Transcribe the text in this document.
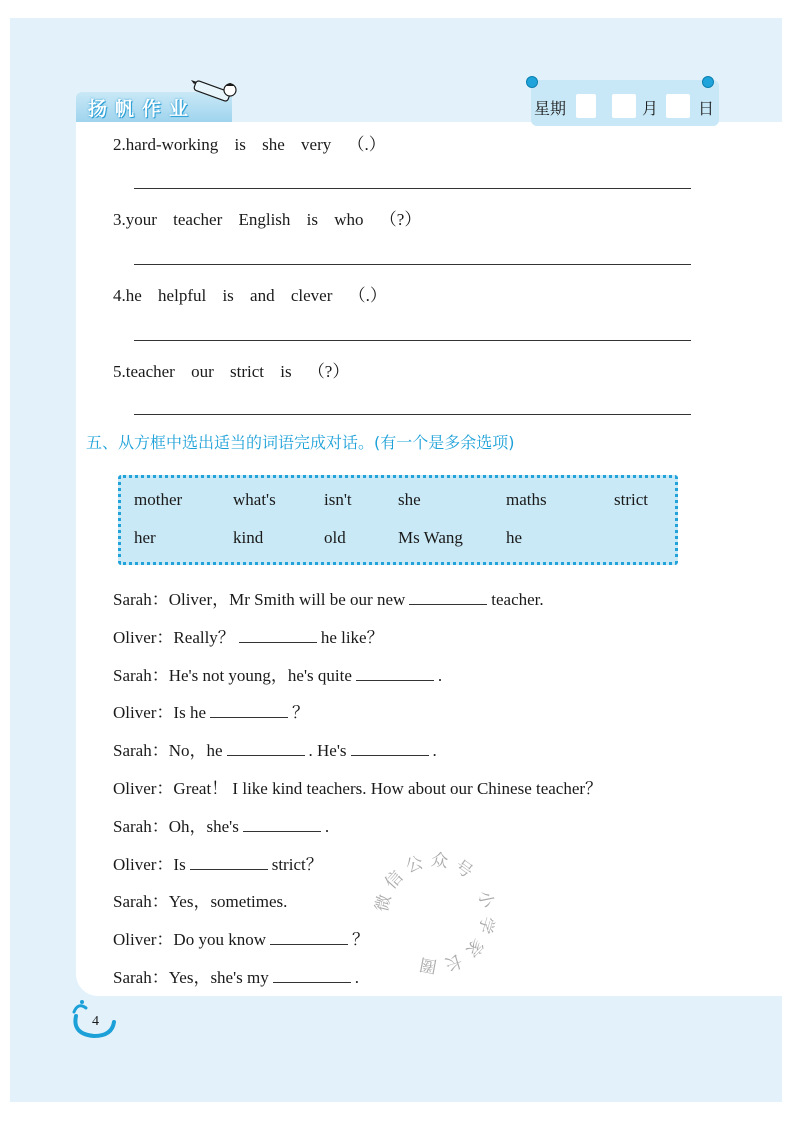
扬帆作业	星期	月 日
2.hard-working is she very （.）
3.your teacher English is who （?）
4.he helpful is and clever （.）
5.teacher our strict is （?）
五、从方框中选出适当的词语完成对话。(有一个是多余选项)
mother	what's	isn't	she	maths	strict
her	kind	old	Ms Wang	he
Sarah：Oliver，Mr Smith will be our new	teacher.
Oliver：Really？	he like？
Sarah：He's not young，he's quite	.
Oliver：Is he	？
Sarah：No，he	. He's	.
Oliver：Great！ I like kind teachers. How about our Chinese teacher？
Sarah：Oh，she's	.
Oliver：Is	strict？
Sarah：Yes，sometimes.
Oliver：Do you know	？
Sarah：Yes，she's my	.
微信公众号 小学家长圈
4
